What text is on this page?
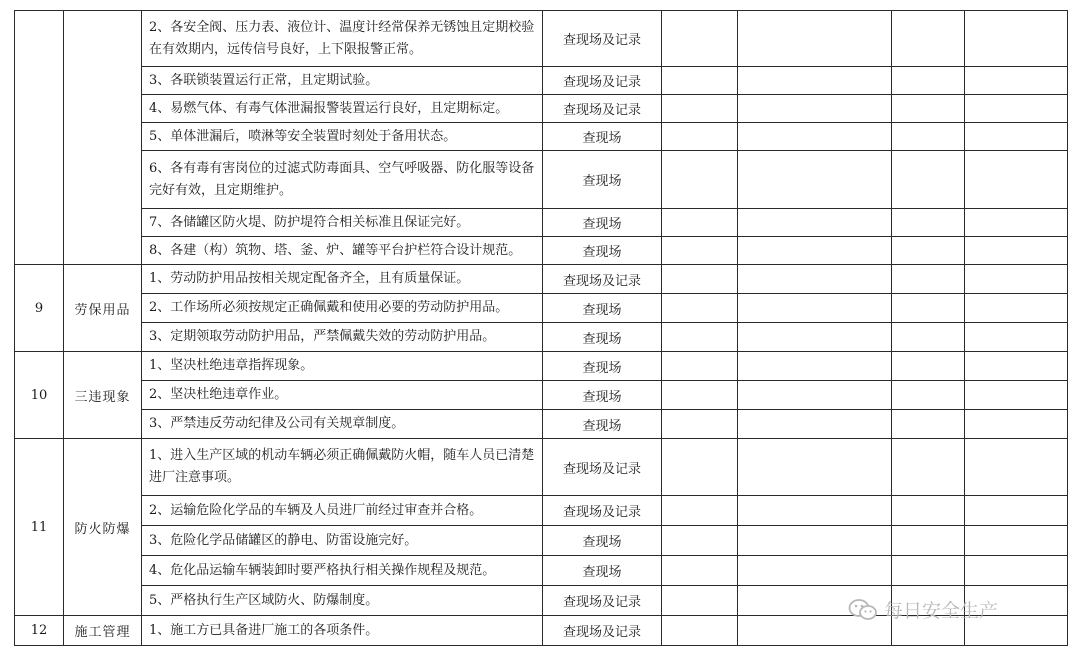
		2、各安全阀、压力表、液位计、温度计经常保养无锈蚀且定期校验在有效期内，远传信号良好，上下限报警正常。	查现场及记录				
		3、各联锁装置运行正常，且定期试验。	查现场及记录				
		4、易燃气体、有毒气体泄漏报警装置运行良好，且定期标定。	查现场及记录				
		5、单体泄漏后，喷淋等安全装置时刻处于备用状态。	查现场				
		6、各有毒有害岗位的过滤式防毒面具、空气呼吸器、防化服等设备完好有效，且定期维护。	查现场				
		7、各储罐区防火堤、防护堤符合相关标准且保证完好。	查现场				
		8、各建（构）筑物、塔、釜、炉、罐等平台护栏符合设计规范。	查现场				
9	劳保用品	1、劳动防护用品按相关规定配备齐全，且有质量保证。	查现场及记录				
		2、工作场所必须按规定正确佩戴和使用必要的劳动防护用品。	查现场				
		3、定期领取劳动防护用品，严禁佩戴失效的劳动防护用品。	查现场				
10	三违现象	1、坚决杜绝违章指挥现象。	查现场				
		2、坚决杜绝违章作业。	查现场				
		3、严禁违反劳动纪律及公司有关规章制度。	查现场				
11	防火防爆	1、进入生产区域的机动车辆必须正确佩戴防火帽，随车人员已清楚进厂注意事项。	查现场及记录				
		2、运输危险化学品的车辆及人员进厂前经过审查并合格。	查现场及记录				
		3、危险化学品储罐区的静电、防雷设施完好。	查现场				
		4、危化品运输车辆装卸时要严格执行相关操作规程及规范。	查现场				
		5、严格执行生产区域防火、防爆制度。	查现场及记录				
12	施工管理	1、施工方已具备进厂施工的各项条件。	查现场及记录				
每日安全生产
